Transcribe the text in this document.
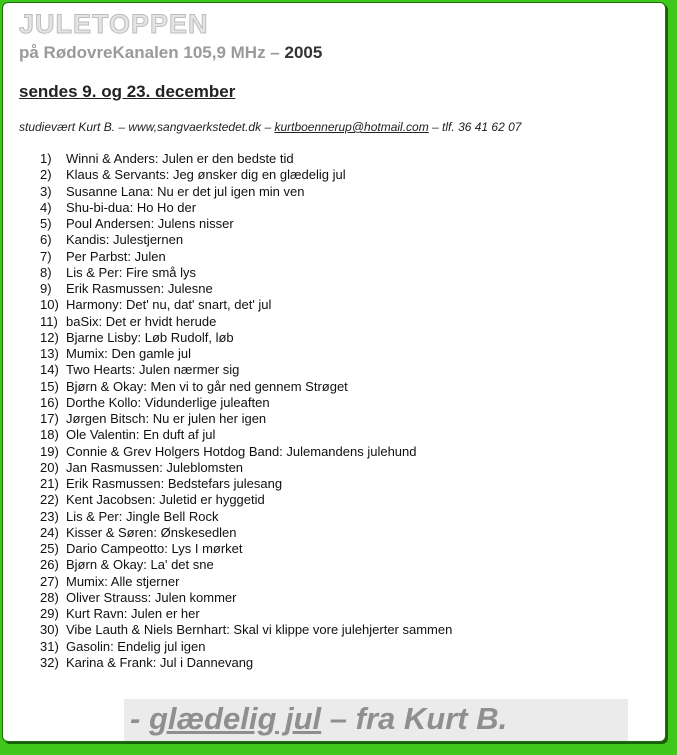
JULETOPPEN
på RødovreKanalen 105,9 MHz – 2005
sendes 9. og 23. december
studievært Kurt B. – www,sangvaerkstedet.dk – kurtboennerup@hotmail.com – tlf. 36 41 62 07
1) Winni & Anders: Julen er den bedste tid
2) Klaus & Servants: Jeg ønsker dig en glædelig jul
3) Susanne Lana: Nu er det jul igen min ven
4) Shu-bi-dua: Ho Ho der
5) Poul Andersen: Julens nisser
6) Kandis: Julestjernen
7) Per Parbst: Julen
8) Lis & Per: Fire små lys
9) Erik Rasmussen: Julesne
10) Harmony: Det' nu, dat' snart, det' jul
11) baSix: Det er hvidt herude
12) Bjarne Lisby: Løb Rudolf, løb
13) Mumix: Den gamle jul
14) Two Hearts: Julen nærmer sig
15) Bjørn & Okay: Men vi to går ned gennem Strøget
16) Dorthe Kollo: Vidunderlige juleaften
17) Jørgen Bitsch: Nu er julen her igen
18) Ole Valentin: En duft af jul
19) Connie & Grev Holgers Hotdog Band: Julemandens julehund
20) Jan Rasmussen: Juleblomsten
21) Erik Rasmussen: Bedstefars julesang
22) Kent Jacobsen: Juletid er hyggetid
23) Lis & Per: Jingle Bell Rock
24) Kisser & Søren: Ønskesedlen
25) Dario Campeotto: Lys I mørket
26) Bjørn & Okay: La' det sne
27) Mumix: Alle stjerner
28) Oliver Strauss: Julen kommer
29) Kurt Ravn: Julen er her
30) Vibe Lauth & Niels Bernhart: Skal vi klippe vore julehjerter sammen
31) Gasolin: Endelig jul igen
32) Karina & Frank: Jul i Dannevang
- glædelig jul – fra Kurt B.
